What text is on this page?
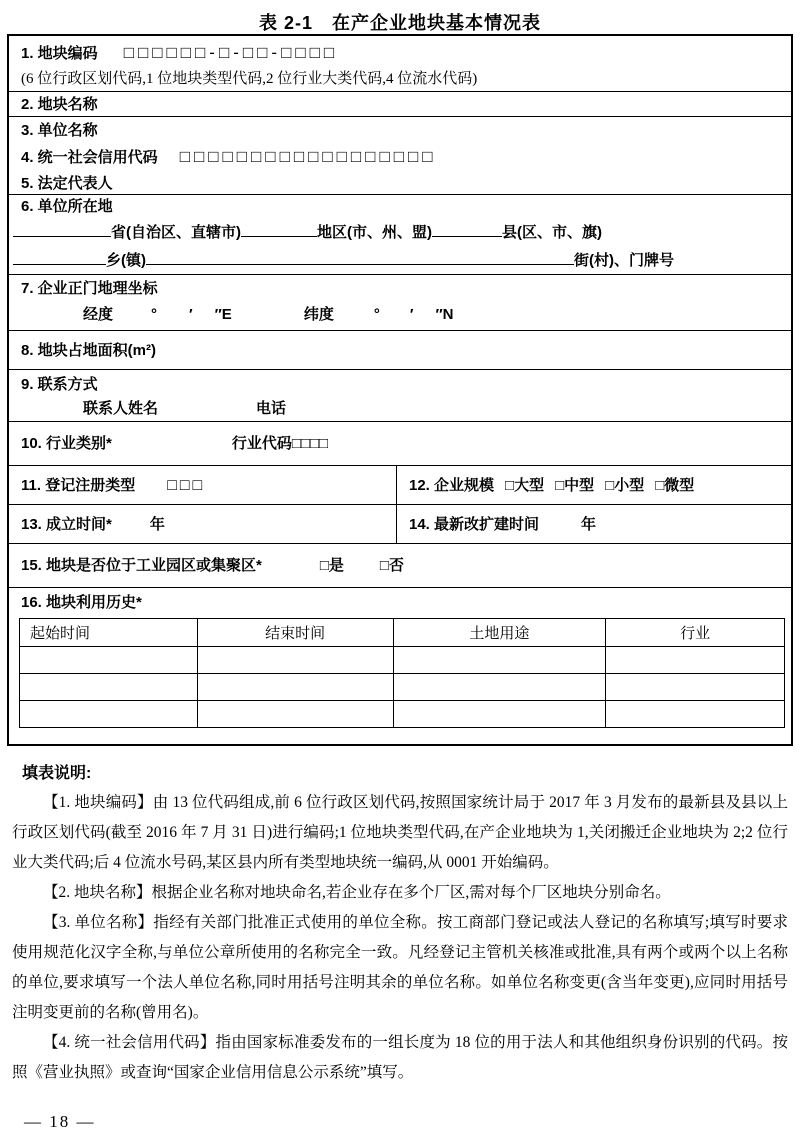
表 2-1　在产企业地块基本情况表
1. 地块编码 □□□□□□-□-□□-□□□□
(6 位行政区划代码,1 位地块类型代码,2 位行业大类代码,4 位流水代码)
2. 地块名称
3. 单位名称
4. 统一社会信用代码 □□□□□□□□□□□□□□□□□□
5. 法定代表人
6. 单位所在地
省(自治区、直辖市)	地区(市、州、盟)	县(区、市、旗)
乡(镇)	街(村)、门牌号
7. 企业正门地理坐标
经度	° ′ ″E	纬度	° ′ ″N
8. 地块占地面积(m²)
9. 联系方式
联系人姓名	电话
10. 行业类别*	行业代码□□□□
11. 登记注册类型 □□□	12. 企业规模 □大型 □中型 □小型 □微型
13. 成立时间*	年	14. 最新改扩建时间	年
15. 地块是否位于工业园区或集聚区*	□是 □否
16. 地块利用历史*
起始时间	结束时间	土地用途	行业

填表说明:

【1. 地块编码】由 13 位代码组成,前 6 位行政区划代码,按照国家统计局于 2017 年 3 月发布的最新县及县以上行政区划代码(截至 2016 年 7 月 31 日)进行编码;1 位地块类型代码,在产企业地块为 1,关闭搬迁企业地块为 2;2 位行业大类代码;后 4 位流水号码,某区县内所有类型地块统一编码,从 0001 开始编码。

【2. 地块名称】根据企业名称对地块命名,若企业存在多个厂区,需对每个厂区地块分别命名。

【3. 单位名称】指经有关部门批准正式使用的单位全称。按工商部门登记或法人登记的名称填写;填写时要求使用规范化汉字全称,与单位公章所使用的名称完全一致。凡经登记主管机关核准或批准,具有两个或两个以上名称的单位,要求填写一个法人单位名称,同时用括号注明其余的单位名称。如单位名称变更(含当年变更),应同时用括号注明变更前的名称(曾用名)。

【4. 统一社会信用代码】指由国家标准委发布的一组长度为 18 位的用于法人和其他组织身份识别的代码。按照《营业执照》或查询“国家企业信用信息公示系统”填写。

— 18 —
